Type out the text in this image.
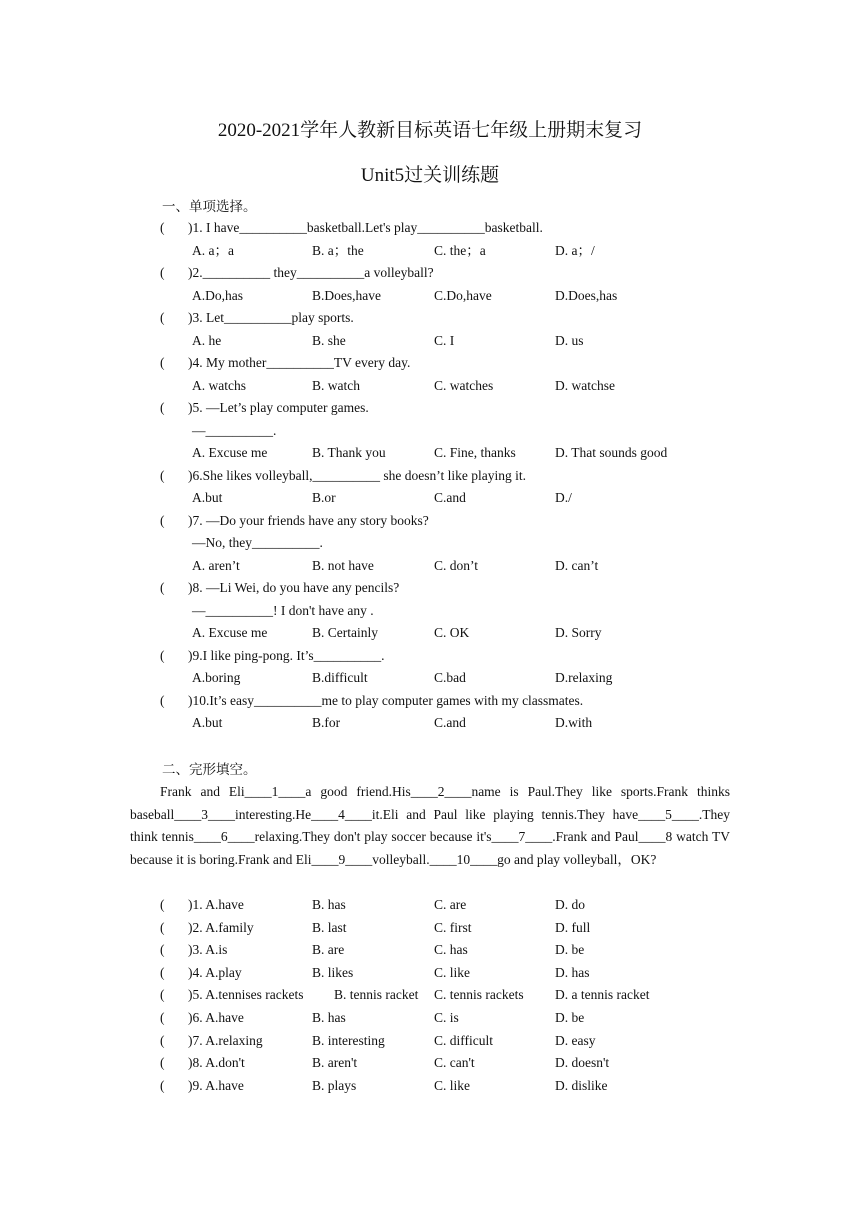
2020-2021学年人教新目标英语七年级上册期末复习
Unit5过关训练题
一、单项选择。
( )1. I have__________basketball.Let's play__________basketball.
A. a；a	B. a；the	C. the；a	D. a；/
( )2.__________ they__________a volleyball?
A.Do,has	B.Does,have	C.Do,have	D.Does,has
( )3. Let__________play sports.
A. he	B. she	C. I	D. us
( )4. My mother__________TV every day.
A. watchs	B. watch	C. watches	D. watchse
( )5. —Let’s play computer games.
—__________.
A. Excuse me	B. Thank you	C. Fine, thanks	D. That sounds good
( )6.She likes volleyball,__________ she doesn’t like playing it.
A.but	B.or	C.and	D./
( )7. —Do your friends have any story books?
—No, they__________.
A. aren’t	B. not have	C. don’t	D. can’t
( )8. —Li Wei, do you have any pencils?
—__________! I don't have any .
A. Excuse me	B. Certainly	C. OK	D. Sorry
( )9.I like ping-pong. It’s__________.
A.boring	B.difficult	C.bad	D.relaxing
( )10.It’s easy__________me to play computer games with my classmates.
A.but	B.for	C.and	D.with
二、完形填空。
Frank and Eli____1____a good friend.His____2____name is Paul.They like sports.Frank thinks baseball____3____interesting.He____4____it.Eli and Paul like playing tennis.They have____5____.They think tennis____6____relaxing.They don't play soccer because it's____7____.Frank and Paul____8 watch TV because it is boring.Frank and Eli____9____volleyball.____10____go and play volleyball，OK?
( )1. A.have	B. has	C. are	D. do
( )2. A.family	B. last	C. first	D. full
( )3. A.is	B. are	C. has	D. be
( )4. A.play	B. likes	C. like	D. has
( )5. A.tennises rackets B. tennis racket C. tennis rackets D. a tennis racket
( )6. A.have	B. has	C. is	D. be
( )7. A.relaxing	B. interesting	C. difficult	D. easy
( )8. A.don't	B. aren't	C. can't	D. doesn't
( )9. A.have	B. plays	C. like	D. dislike
